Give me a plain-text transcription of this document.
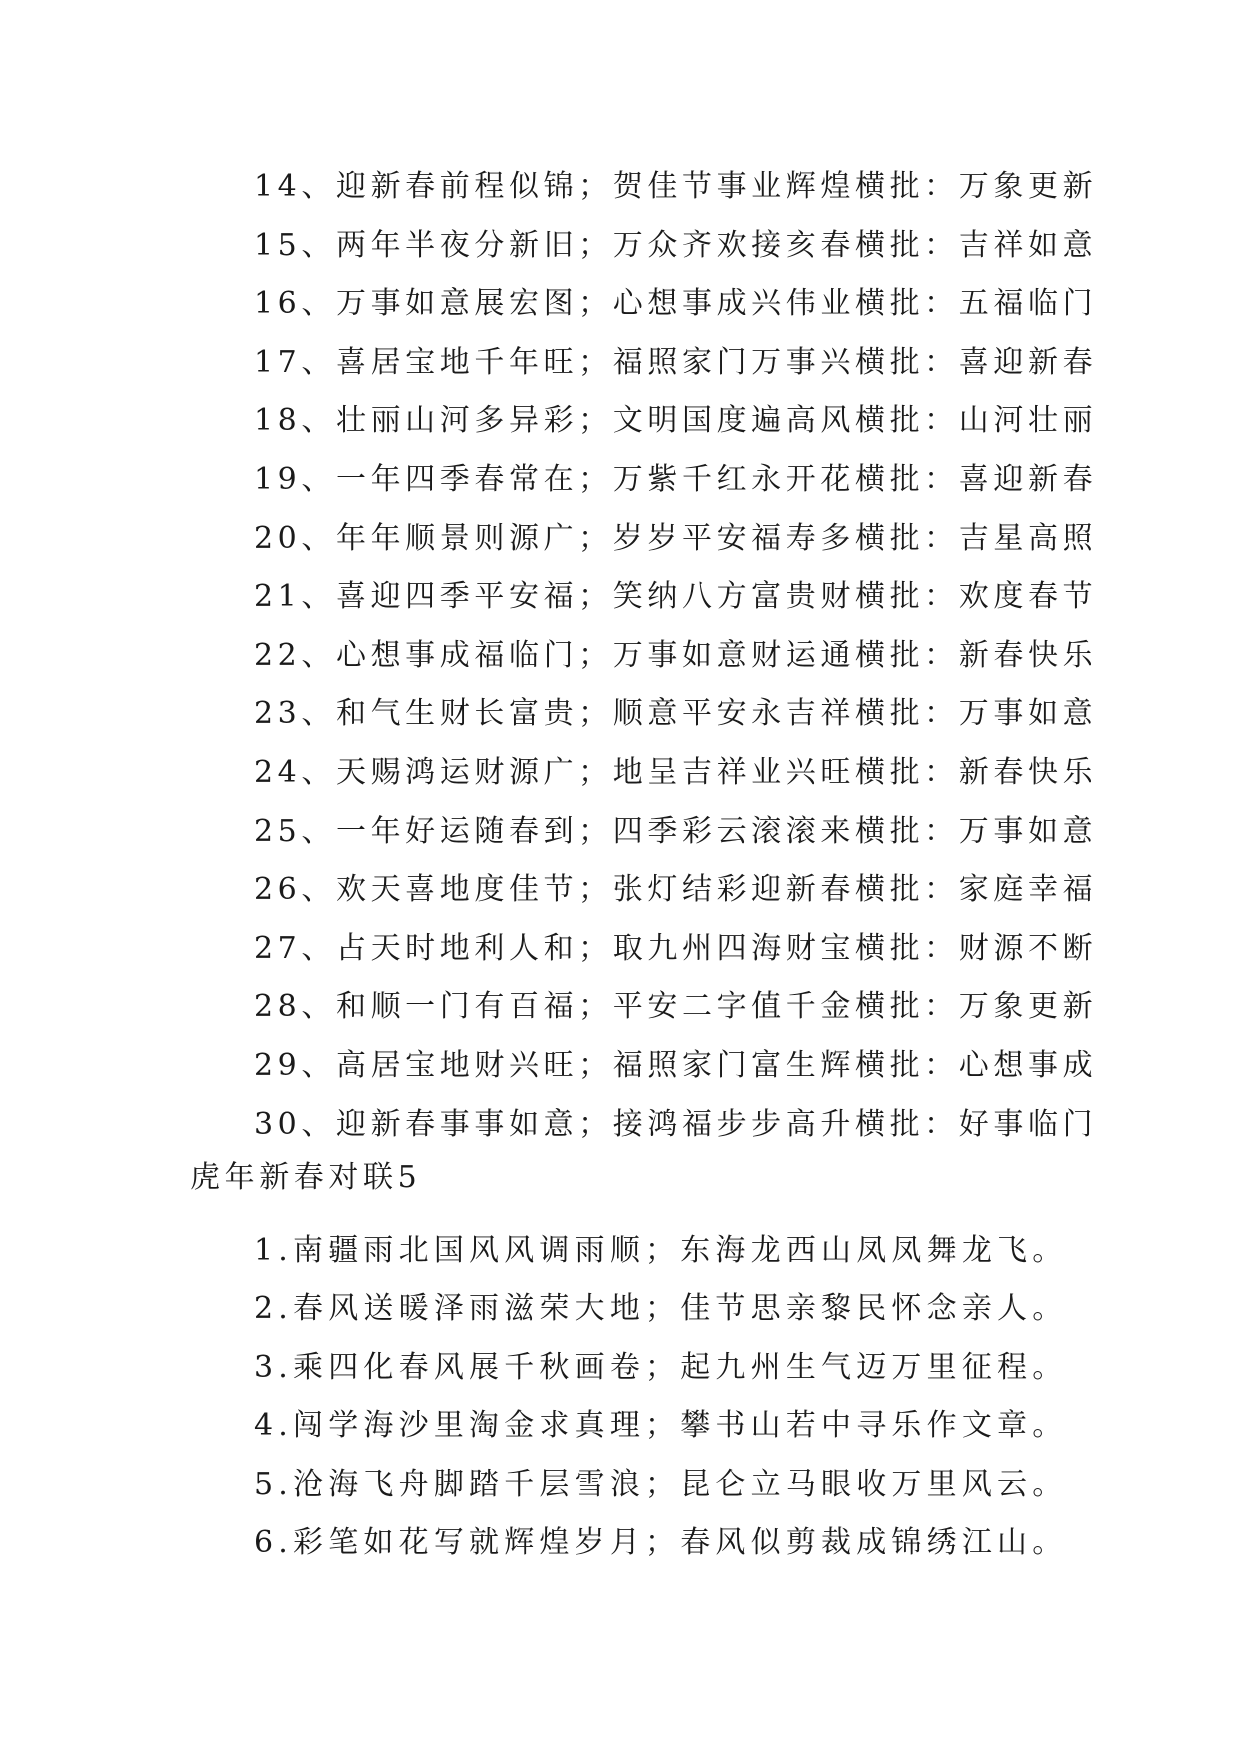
14、迎新春前程似锦；贺佳节事业辉煌横批：万象更新
15、两年半夜分新旧；万众齐欢接亥春横批：吉祥如意
16、万事如意展宏图；心想事成兴伟业横批：五福临门
17、喜居宝地千年旺；福照家门万事兴横批：喜迎新春
18、壮丽山河多异彩；文明国度遍高风横批：山河壮丽
19、一年四季春常在；万紫千红永开花横批：喜迎新春
20、年年顺景则源广；岁岁平安福寿多横批：吉星高照
21、喜迎四季平安福；笑纳八方富贵财横批：欢度春节
22、心想事成福临门；万事如意财运通横批：新春快乐
23、和气生财长富贵；顺意平安永吉祥横批：万事如意
24、天赐鸿运财源广；地呈吉祥业兴旺横批：新春快乐
25、一年好运随春到；四季彩云滚滚来横批：万事如意
26、欢天喜地度佳节；张灯结彩迎新春横批：家庭幸福
27、占天时地利人和；取九州四海财宝横批：财源不断
28、和顺一门有百福；平安二字值千金横批：万象更新
29、高居宝地财兴旺；福照家门富生辉横批：心想事成
30、迎新春事事如意；接鸿福步步高升横批：好事临门
虎年新春对联5
1.南疆雨北国风风调雨顺；东海龙西山凤凤舞龙飞。
2.春风送暖泽雨滋荣大地；佳节思亲黎民怀念亲人。
3.乘四化春风展千秋画卷；起九州生气迈万里征程。
4.闯学海沙里淘金求真理；攀书山若中寻乐作文章。
5.沧海飞舟脚踏千层雪浪；昆仑立马眼收万里风云。
6.彩笔如花写就辉煌岁月；春风似剪裁成锦绣江山。
